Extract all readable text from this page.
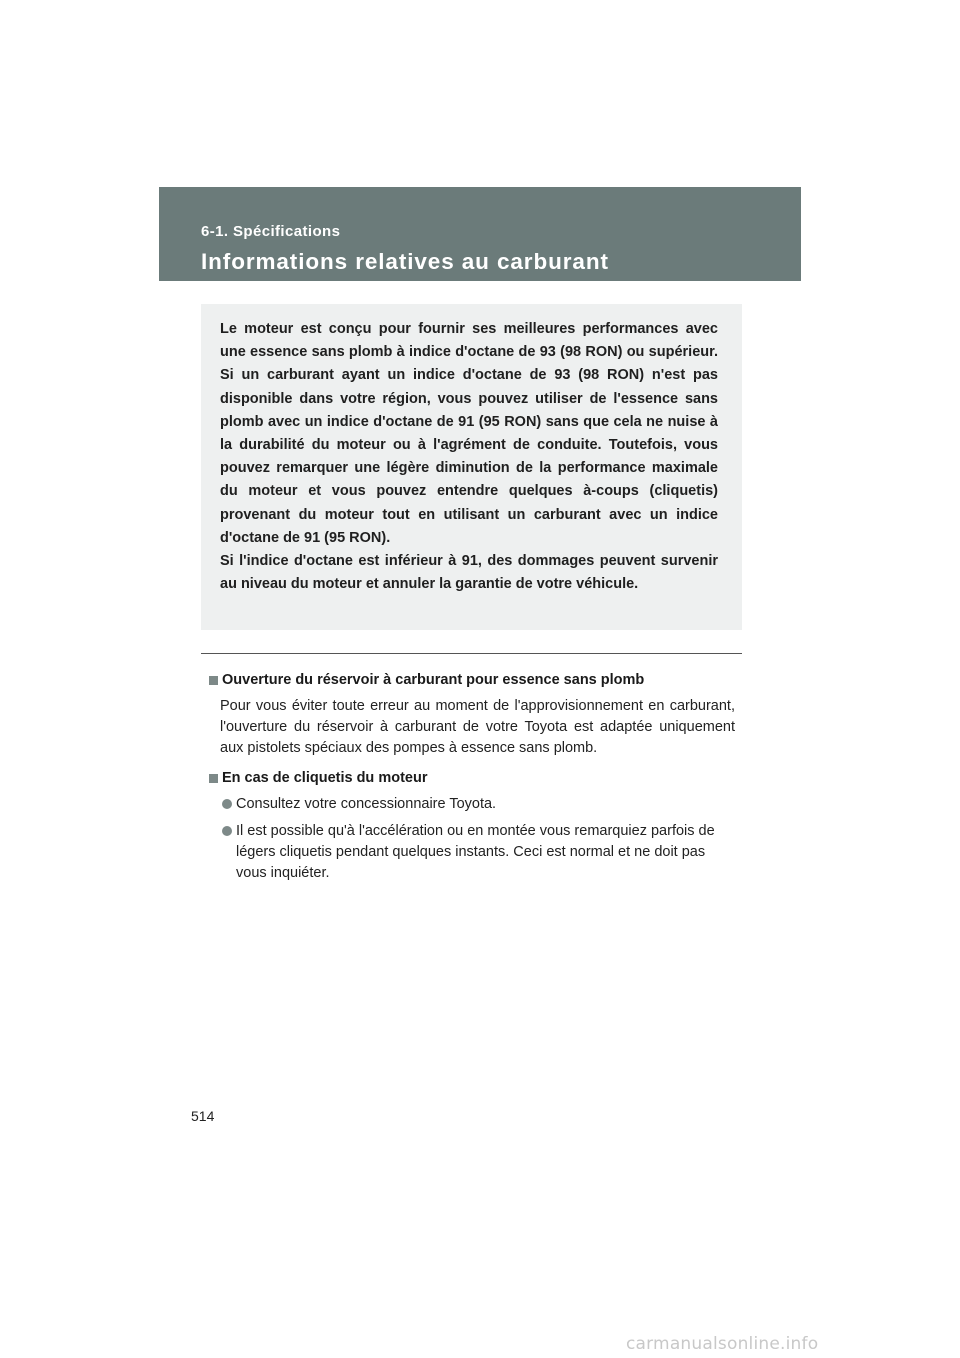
6-1. Spécifications
Informations relatives au carburant

Le moteur est conçu pour fournir ses meilleures performances avec une essence sans plomb à indice d'octane de 93 (98 RON) ou supérieur. Si un carburant ayant un indice d'octane de 93 (98 RON) n'est pas disponible dans votre région, vous pouvez utiliser de l'essence sans plomb avec un indice d'octane de 91 (95 RON) sans que cela ne nuise à la durabilité du moteur ou à l'agrément de conduite. Toutefois, vous pouvez remarquer une légère diminution de la performance maximale du moteur et vous pouvez entendre quelques à-coups (cliquetis) provenant du moteur tout en utilisant un carburant avec un indice d'octane de 91 (95 RON).

Si l'indice d'octane est inférieur à 91, des dommages peuvent survenir au niveau du moteur et annuler la garantie de votre véhicule.

Ouverture du réservoir à carburant pour essence sans plomb

Pour vous éviter toute erreur au moment de l'approvisionnement en carburant, l'ouverture du réservoir à carburant de votre Toyota est adaptée uniquement aux pistolets spéciaux des pompes à essence sans plomb.

En cas de cliquetis du moteur
Consultez votre concessionnaire Toyota.
Il est possible qu'à l'accélération ou en montée vous remarquiez parfois de légers cliquetis pendant quelques instants. Ceci est normal et ne doit pas vous inquiéter.
514
carmanualsonline.info
